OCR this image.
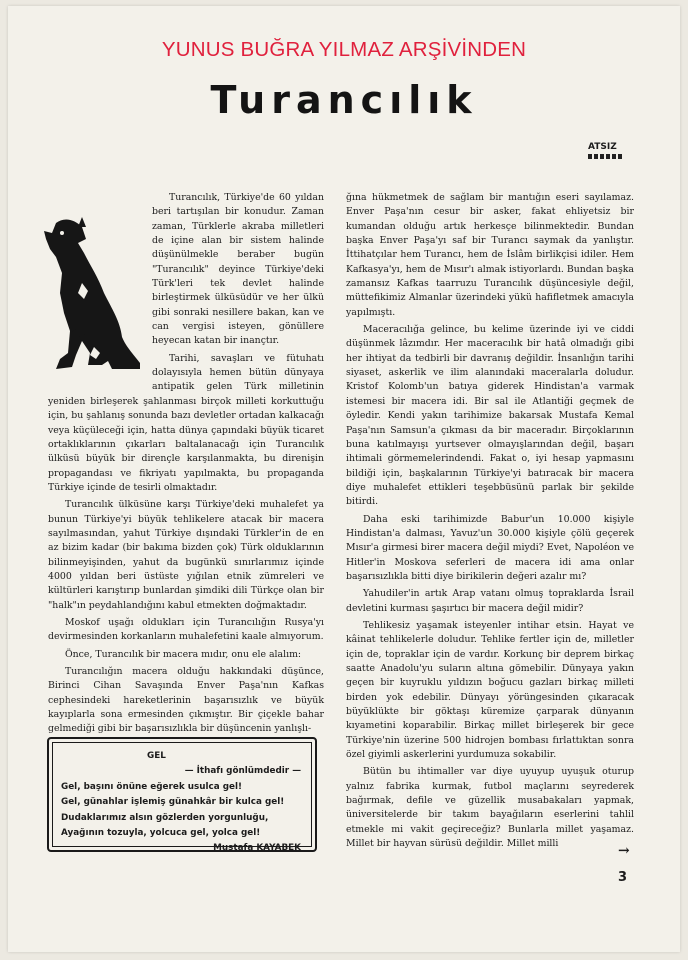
YUNUS BUĞRA YILMAZ ARŞİVİNDEN
Turancılık
ATSIZ

Turancılık, Türkiye'de 60 yıldan beri tartışılan bir konudur. Zaman zaman, Türklerle akraba milletleri de içine alan bir sistem halinde düşünülmekle beraber bugün "Turancılık" deyince Türkiye'deki Türk'leri tek devlet halinde birleştirmek ülküsüdür ve her ülkü gibi sonraki nesillere bakan, kan ve can vergisi isteyen, gönüllere heyecan katan bir inançtır.

Tarihi, savaşları ve fütuhatı dolayısıyla hemen bütün dünyaya antipatik gelen Türk milletinin yeniden birleşerek şahlanması birçok milleti korkuttuğu için, bu şahlanış sonunda bazı devletler ortadan kalkacağı veya küçüleceği için, hatta dünya çapındaki büyük ticaret ortaklıklarının çıkarları baltalanacağı için Turancılık ülküsü büyük bir dirençle karşılanmakta, bu direnişin propagandası ve fikriyatı yapılmakta, bu propaganda Türkiye içinde de tesirli olmaktadır.

Turancılık ülküsüne karşı Türkiye'deki muhalefet ya bunun Türkiye'yi büyük tehlikelere atacak bir macera sayılmasından, yahut Türkiye dışındaki Türkler'in de en az bizim kadar (bir bakıma bizden çok) Türk olduklarının bilinmeyişinden, yahut da bugünkü sınırlarımız içinde 4000 yıldan beri üstüste yığılan etnik zümreleri ve kültürleri karıştırıp bunlardan şimdiki dili Türkçe olan bir "halk"ın peydahlandığını kabul etmekten doğmaktadır.

Moskof uşağı oldukları için Turancılığın Rusya'yı devirmesinden korkanların muhalefetini kaale almıyorum.

Önce, Turancılık bir macera mıdır, onu ele alalım:

Turancılığın macera olduğu hakkındaki düşünce, Birinci Cihan Savaşında Enver Paşa'nın Kafkas cephesindeki hareketlerinin başarısızlık ve büyük kayıplarla sona ermesinden çıkmıştır. Bir çiçekle bahar gelmediği gibi bir başarısızlıkla bir düşüncenin yanlışlı-

GEL
— İthafı gönlümdedir —
Gel, başını önüne eğerek usulca gel!
Gel, günahlar işlemiş günahkâr bir kulca gel!
Dudaklarımız alsın gözlerden yorgunluğu,
Ayağının tozuyla, yolcuca gel, yolca gel!
Mustafa KAYABEK

ğına hükmetmek de sağlam bir mantığın eseri sayılamaz. Enver Paşa'nın cesur bir asker, fakat ehliyetsiz bir kumandan olduğu artık herkesçe bilinmektedir. Bundan başka Enver Paşa'yı saf bir Turancı saymak da yanlıştır. İttihatçılar hem Turancı, hem de İslâm birlikçisi idiler. Hem Kafkasya'yı, hem de Mısır'ı almak istiyorlardı. Bundan başka zamansız Kafkas taarruzu Turancılık düşüncesiyle değil, müttefikimiz Almanlar üzerindeki yükü hafifletmek amacıyla yapılmıştı.

Maceracılığa gelince, bu kelime üzerinde iyi ve ciddi düşünmek lâzımdır. Her maceracılık bir hatâ olmadığı gibi her ihtiyat da tedbirli bir davranış değildir. İnsanlığın tarihi siyaset, askerlik ve ilim alanındaki maceralarla doludur. Kristof Kolomb'un batıya giderek Hindistan'a varmak istemesi bir macera idi. Bir sal ile Atlantiği geçmek de öyledir. Kendi yakın tarihimize bakarsak Mustafa Kemal Paşa'nın Samsun'a çıkması da bir maceradır. Birçoklarının buna katılmayışı yurtsever olmayışlarından değil, başarı ihtimali görmemelerindendi. Fakat o, iyi hesap yapmasını bildiği için, başkalarının Türkiye'yi batıracak bir macera diye muhalefet ettikleri teşebbüsünü parlak bir şekilde bitirdi.

Daha eski tarihimizde Babur'un 10.000 kişiyle Hindistan'a dalması, Yavuz'un 30.000 kişiyle çölü geçerek Mısır'a girmesi birer macera değil miydi? Evet, Napoléon ve Hitler'in Moskova seferleri de macera idi ama onlar başarısızlıkla bitti diye birikilerin değeri azalır mı?

Yahudiler'in artık Arap vatanı olmuş topraklarda İsrail devletini kurması şaşırtıcı bir macera değil midir?

Tehlikesiz yaşamak isteyenler intihar etsin. Hayat ve kâinat tehlikelerle doludur. Tehlike fertler için de, milletler için de, topraklar için de vardır. Korkunç bir deprem birkaç saatte Anadolu'yu suların altına gömebilir. Dünyaya yakın geçen bir kuyruklu yıldızın boğucu gazları birkaç milleti birden yok edebilir. Dünyayı yörüngesinden çıkaracak büyüklükte bir göktaşı küremize çarparak dünyanın kıyametini koparabilir. Birkaç millet birleşerek bir gece Türkiye'nin üzerine 500 hidrojen bombası fırlattıktan sonra özel giyimli askerlerini yurdumuza sokabilir.

Bütün bu ihtimaller var diye uyuyup uyuşuk oturup yalnız fabrika kurmak, futbol maçlarını seyrederek bağırmak, defile ve güzellik musabakaları yapmak, üniversitelerde bir takım bayağıların eserlerini tahlil etmekle mi vakit geçireceğiz? Bunlarla millet yaşamaz. Millet bir hayvan sürüsü değildir. Millet milli	→
3
